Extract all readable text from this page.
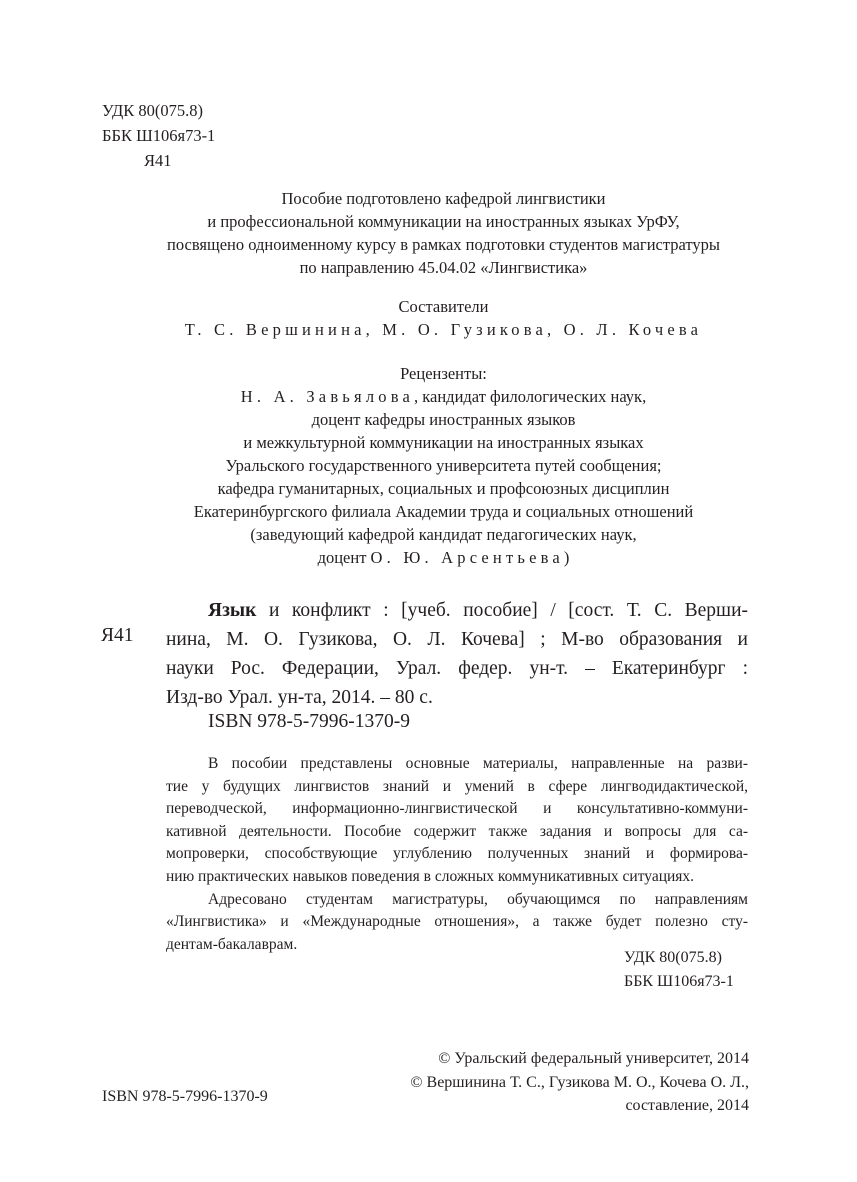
УДК 80(075.8)
ББК Ш106я73-1
Я41
Пособие подготовлено кафедрой лингвистики
и профессиональной коммуникации на иностранных языках УрФУ,
посвящено одноименному курсу в рамках подготовки студентов магистратуры
по направлению 45.04.02 «Лингвистика»
Составители
Т. С. Вершинина, М. О. Гузикова, О. Л. Кочева
Рецензенты:
Н. А. Завьялова, кандидат филологических наук,
доцент кафедры иностранных языков
и межкультурной коммуникации на иностранных языках
Уральского государственного университета путей сообщения;
кафедра гуманитарных, социальных и профсоюзных дисциплин
Екатеринбургского филиала Академии труда и социальных отношений
(заведующий кафедрой кандидат педагогических наук,
доцент О. Ю. Арсентьева)
Я41
Язык и конфликт : [учеб. пособие] / [сост. Т. С. Верши-
нина, М. О. Гузикова, О. Л. Кочева] ; М-во образования и
науки Рос. Федерации, Урал. федер. ун-т. – Екатеринбург :
Изд-во Урал. ун-та, 2014. – 80 с.
ISBN 978-5-7996-1370-9
В пособии представлены основные материалы, направленные на разви-
тие у будущих лингвистов знаний и умений в сфере лингводидактической,
переводческой, информационно-лингвистической и консультативно-коммуни-
кативной деятельности. Пособие содержит также задания и вопросы для са-
мопроверки, способствующие углублению полученных знаний и формирова-
нию практических навыков поведения в сложных коммуникативных ситуациях.
Адресовано студентам магистратуры, обучающимся по направлениям
«Лингвистика» и «Международные отношения», а также будет полезно сту-
дентам-бакалаврам.
УДК 80(075.8)
ББК Ш106я73-1
© Уральский федеральный университет, 2014
© Вершинина Т. С., Гузикова М. О., Кочева О. Л.,
составление, 2014
ISBN 978-5-7996-1370-9
